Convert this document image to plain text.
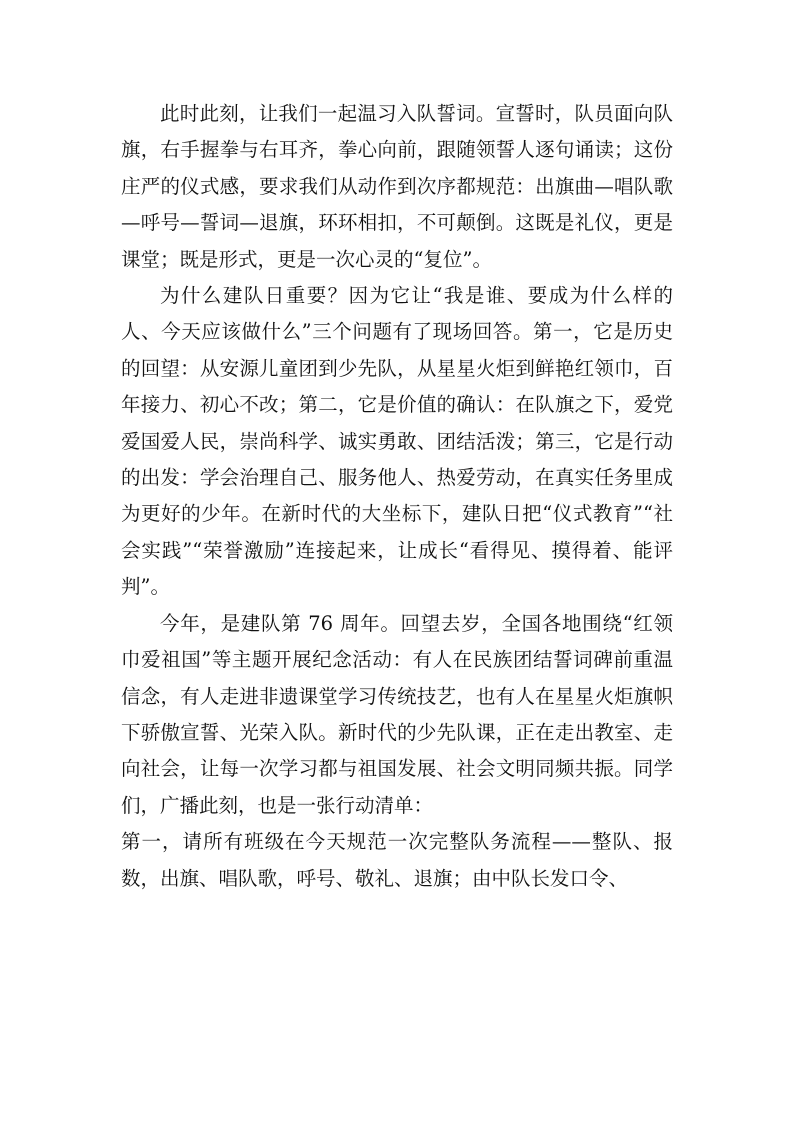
此时此刻，让我们一起温习入队誓词。宣誓时，队员面向队旗，右手握拳与右耳齐，拳心向前，跟随领誓人逐句诵读；这份庄严的仪式感，要求我们从动作到次序都规范：出旗曲—唱队歌—呼号—誓词—退旗，环环相扣，不可颠倒。这既是礼仪，更是课堂；既是形式，更是一次心灵的“复位”。

为什么建队日重要？因为它让“我是谁、要成为什么样的人、今天应该做什么”三个问题有了现场回答。第一，它是历史的回望：从安源儿童团到少先队，从星星火炬到鲜艳红领巾，百年接力、初心不改；第二，它是价值的确认：在队旗之下，爱党爱国爱人民，崇尚科学、诚实勇敢、团结活泼；第三，它是行动的出发：学会治理自己、服务他人、热爱劳动，在真实任务里成为更好的少年。在新时代的大坐标下，建队日把“仪式教育”“社会实践”“荣誉激励”连接起来，让成长“看得见、摸得着、能评判”。

今年，是建队第 76 周年。回望去岁，全国各地围绕“红领巾爱祖国”等主题开展纪念活动：有人在民族团结誓词碑前重温信念，有人走进非遗课堂学习传统技艺，也有人在星星火炬旗帜下骄傲宣誓、光荣入队。新时代的少先队课，正在走出教室、走向社会，让每一次学习都与祖国发展、社会文明同频共振。同学们，广播此刻，也是一张行动清单：

第一，请所有班级在今天规范一次完整队务流程——整队、报数，出旗、唱队歌，呼号、敬礼、退旗；由中队长发口令、
